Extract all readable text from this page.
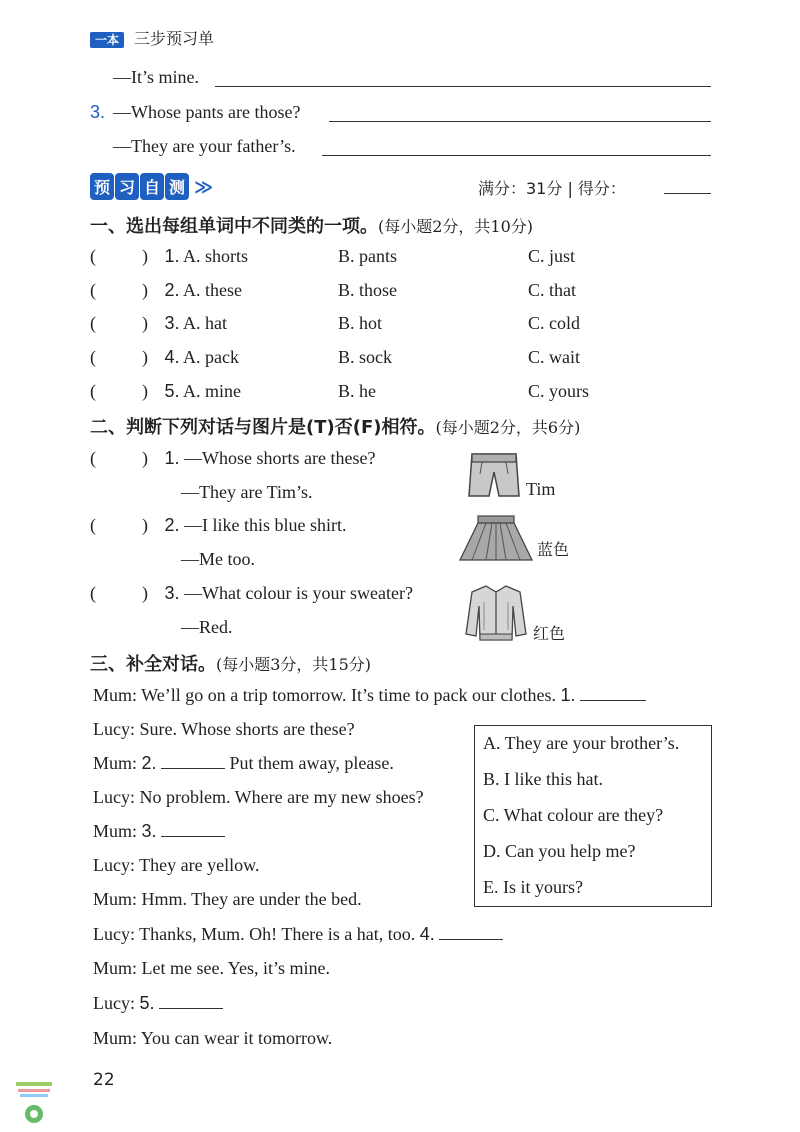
一本 三步预习单
—It’s mine.
3. —Whose pants are those?
—They are your father’s.
预 习 自 测 ≫	满分：31分 | 得分：
一、选出每组单词中不同类的一项。(每小题2分，共10分)
(	) 1. A. shorts	B. pants	C. just
(	) 2. A. these	B. those	C. that
(	) 3. A. hat	B. hot	C. cold
(	) 4. A. pack	B. sock	C. wait
(	) 5. A. mine	B. he	C. yours
二、判断下列对话与图片是(T)否(F)相符。(每小题2分，共6分)
(	) 1. —Whose shorts are these?
—They are Tim’s.	Tim
(	) 2. —I like this blue shirt.
—Me too.	蓝色
(	) 3. —What colour is your sweater?
—Red.	红色
三、补全对话。(每小题3分，共15分)
Mum: We’ll go on a trip tomorrow. It’s time to pack our clothes. 1.
Lucy: Sure. Whose shorts are these?
Mum: 2.	Put them away, please.
Lucy: No problem. Where are my new shoes?
Mum: 3.
Lucy: They are yellow.
Mum: Hmm. They are under the bed.
Lucy: Thanks, Mum. Oh! There is a hat, too. 4.
Mum: Let me see. Yes, it’s mine.
Lucy: 5.
Mum: You can wear it tomorrow.
A. They are your brother’s.
B. I like this hat.
C. What colour are they?
D. Can you help me?
E. Is it yours?
22
